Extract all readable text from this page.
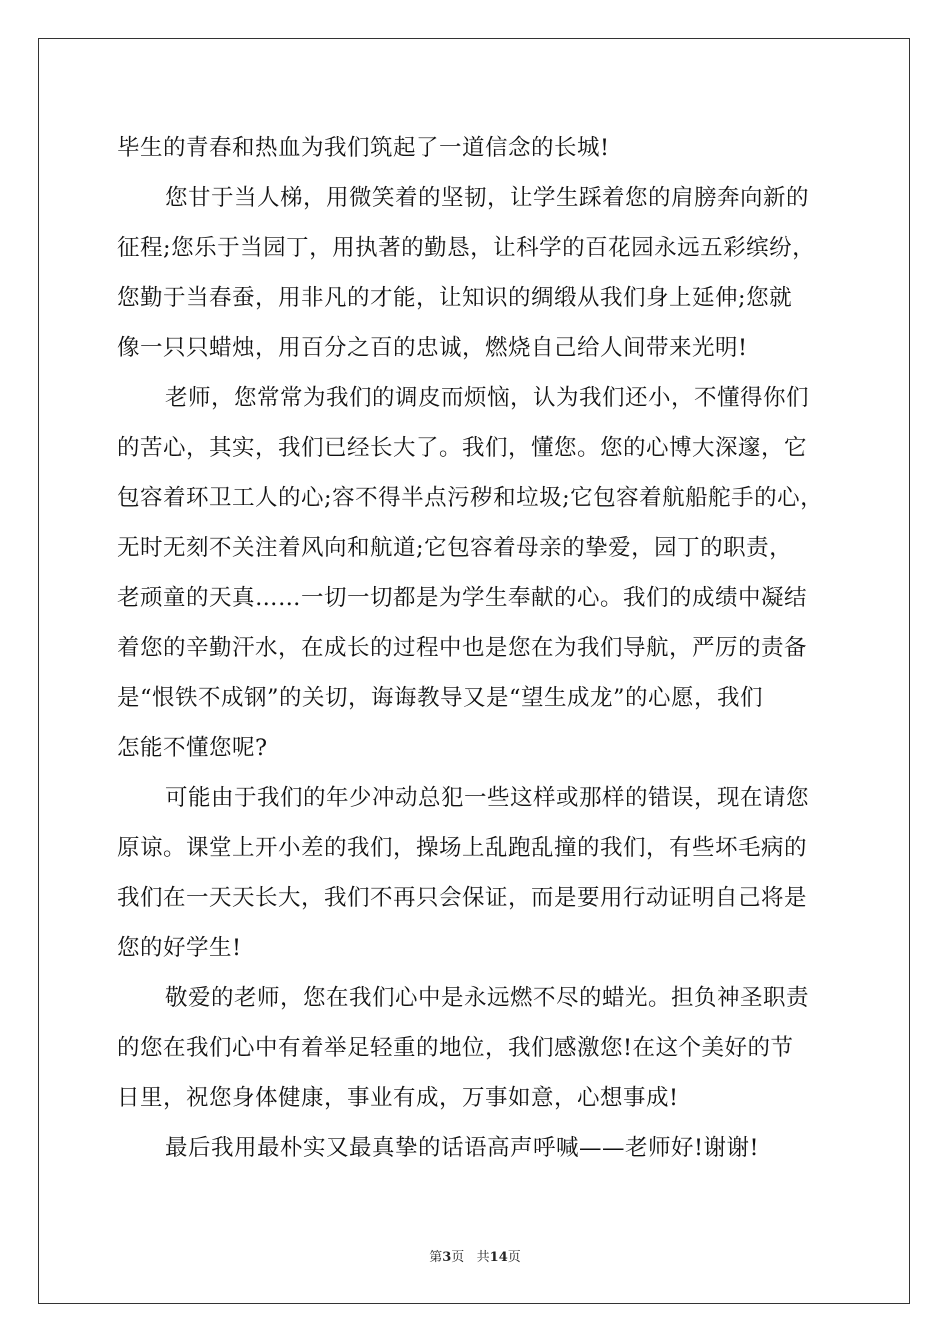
毕生的青春和热血为我们筑起了一道信念的长城!
您甘于当人梯，用微笑着的坚韧，让学生踩着您的肩膀奔向新的
征程;您乐于当园丁，用执著的勤恳，让科学的百花园永远五彩缤纷，
您勤于当春蚕，用非凡的才能，让知识的绸缎从我们身上延伸;您就
像一只只蜡烛，用百分之百的忠诚，燃烧自己给人间带来光明!
老师，您常常为我们的调皮而烦恼，认为我们还小，不懂得你们
的苦心，其实，我们已经长大了。我们，懂您。您的心博大深邃，它
包容着环卫工人的心;容不得半点污秽和垃圾;它包容着航船舵手的心，
无时无刻不关注着风向和航道;它包容着母亲的挚爱，园丁的职责，
老顽童的天真……一切一切都是为学生奉献的心。我们的成绩中凝结
着您的辛勤汗水，在成长的过程中也是您在为我们导航，严厉的责备
是“恨铁不成钢”的关切，诲诲教导又是“望生成龙”的心愿，我们
怎能不懂您呢?
可能由于我们的年少冲动总犯一些这样或那样的错误，现在请您
原谅。课堂上开小差的我们，操场上乱跑乱撞的我们，有些坏毛病的
我们在一天天长大，我们不再只会保证，而是要用行动证明自己将是
您的好学生!
敬爱的老师，您在我们心中是永远燃不尽的蜡光。担负神圣职责
的您在我们心中有着举足轻重的地位，我们感激您!在这个美好的节
日里，祝您身体健康，事业有成，万事如意，心想事成!
最后我用最朴实又最真挚的话语高声呼喊——老师好!谢谢!
第3页   共14页
